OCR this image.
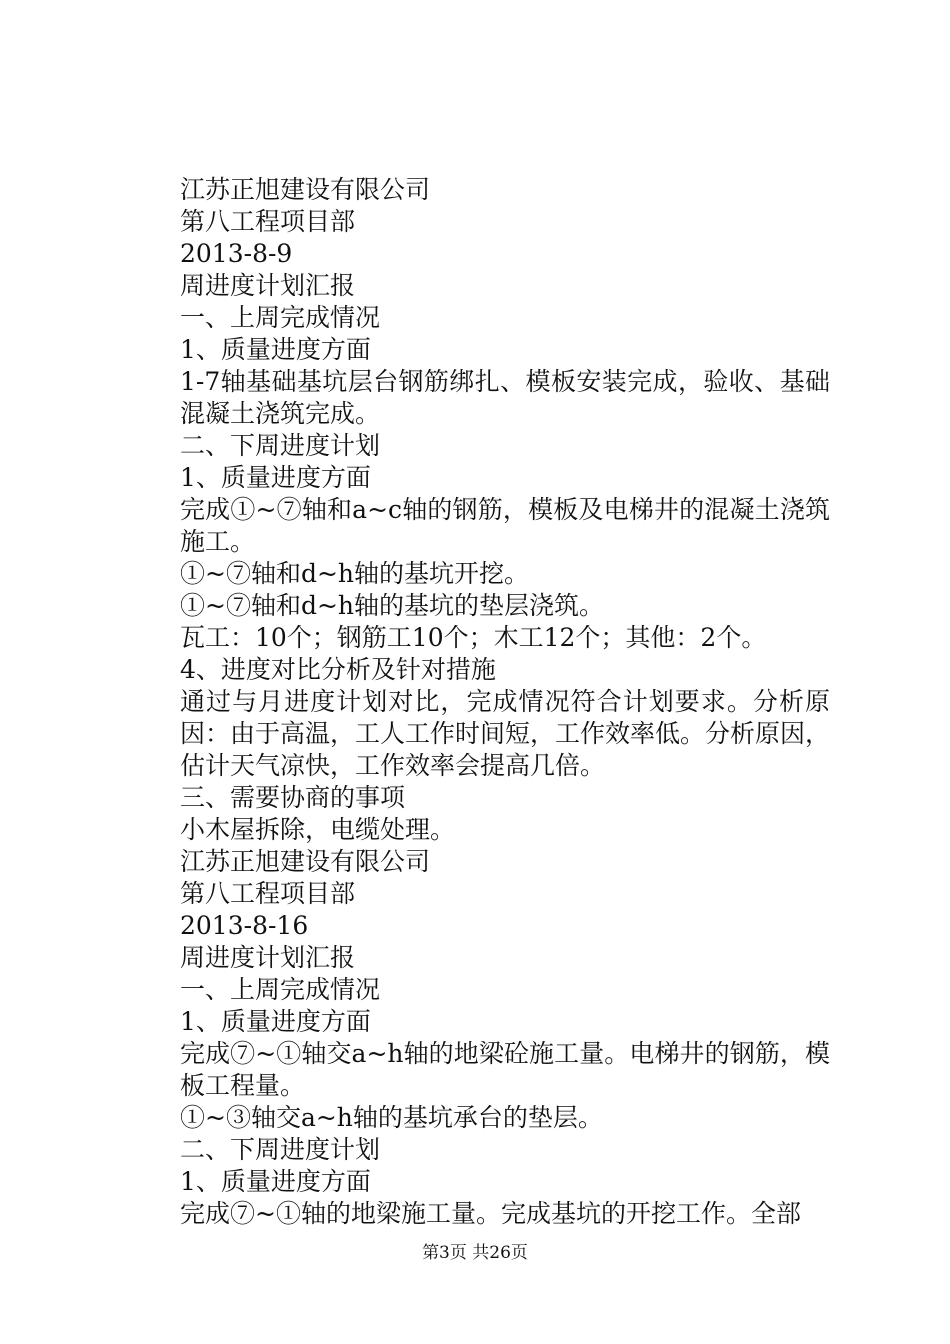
江苏正旭建设有限公司
第八工程项目部
2013-8-9
周进度计划汇报
一、上周完成情况
1、质量进度方面
1-7轴基础基坑层台钢筋绑扎、模板安装完成，验收、基础混凝土浇筑完成。
二、下周进度计划
1、质量进度方面
完成①~⑦轴和a~c轴的钢筋，模板及电梯井的混凝土浇筑施工。
①~⑦轴和d~h轴的基坑开挖。
①~⑦轴和d~h轴的基坑的垫层浇筑。
瓦工：10个；钢筋工10个；木工12个；其他：2个。
4、进度对比分析及针对措施
通过与月进度计划对比，完成情况符合计划要求。分析原因：由于高温，工人工作时间短，工作效率低。分析原因，估计天气凉快，工作效率会提高几倍。
三、需要协商的事项
小木屋拆除，电缆处理。
江苏正旭建设有限公司
第八工程项目部
2013-8-16
周进度计划汇报
一、上周完成情况
1、质量进度方面
完成⑦~①轴交a~h轴的地梁砼施工量。电梯井的钢筋，模板工程量。
①~③轴交a~h轴的基坑承台的垫层。
二、下周进度计划
1、质量进度方面
完成⑦~①轴的地梁施工量。完成基坑的开挖工作。全部
第3页 共26页
